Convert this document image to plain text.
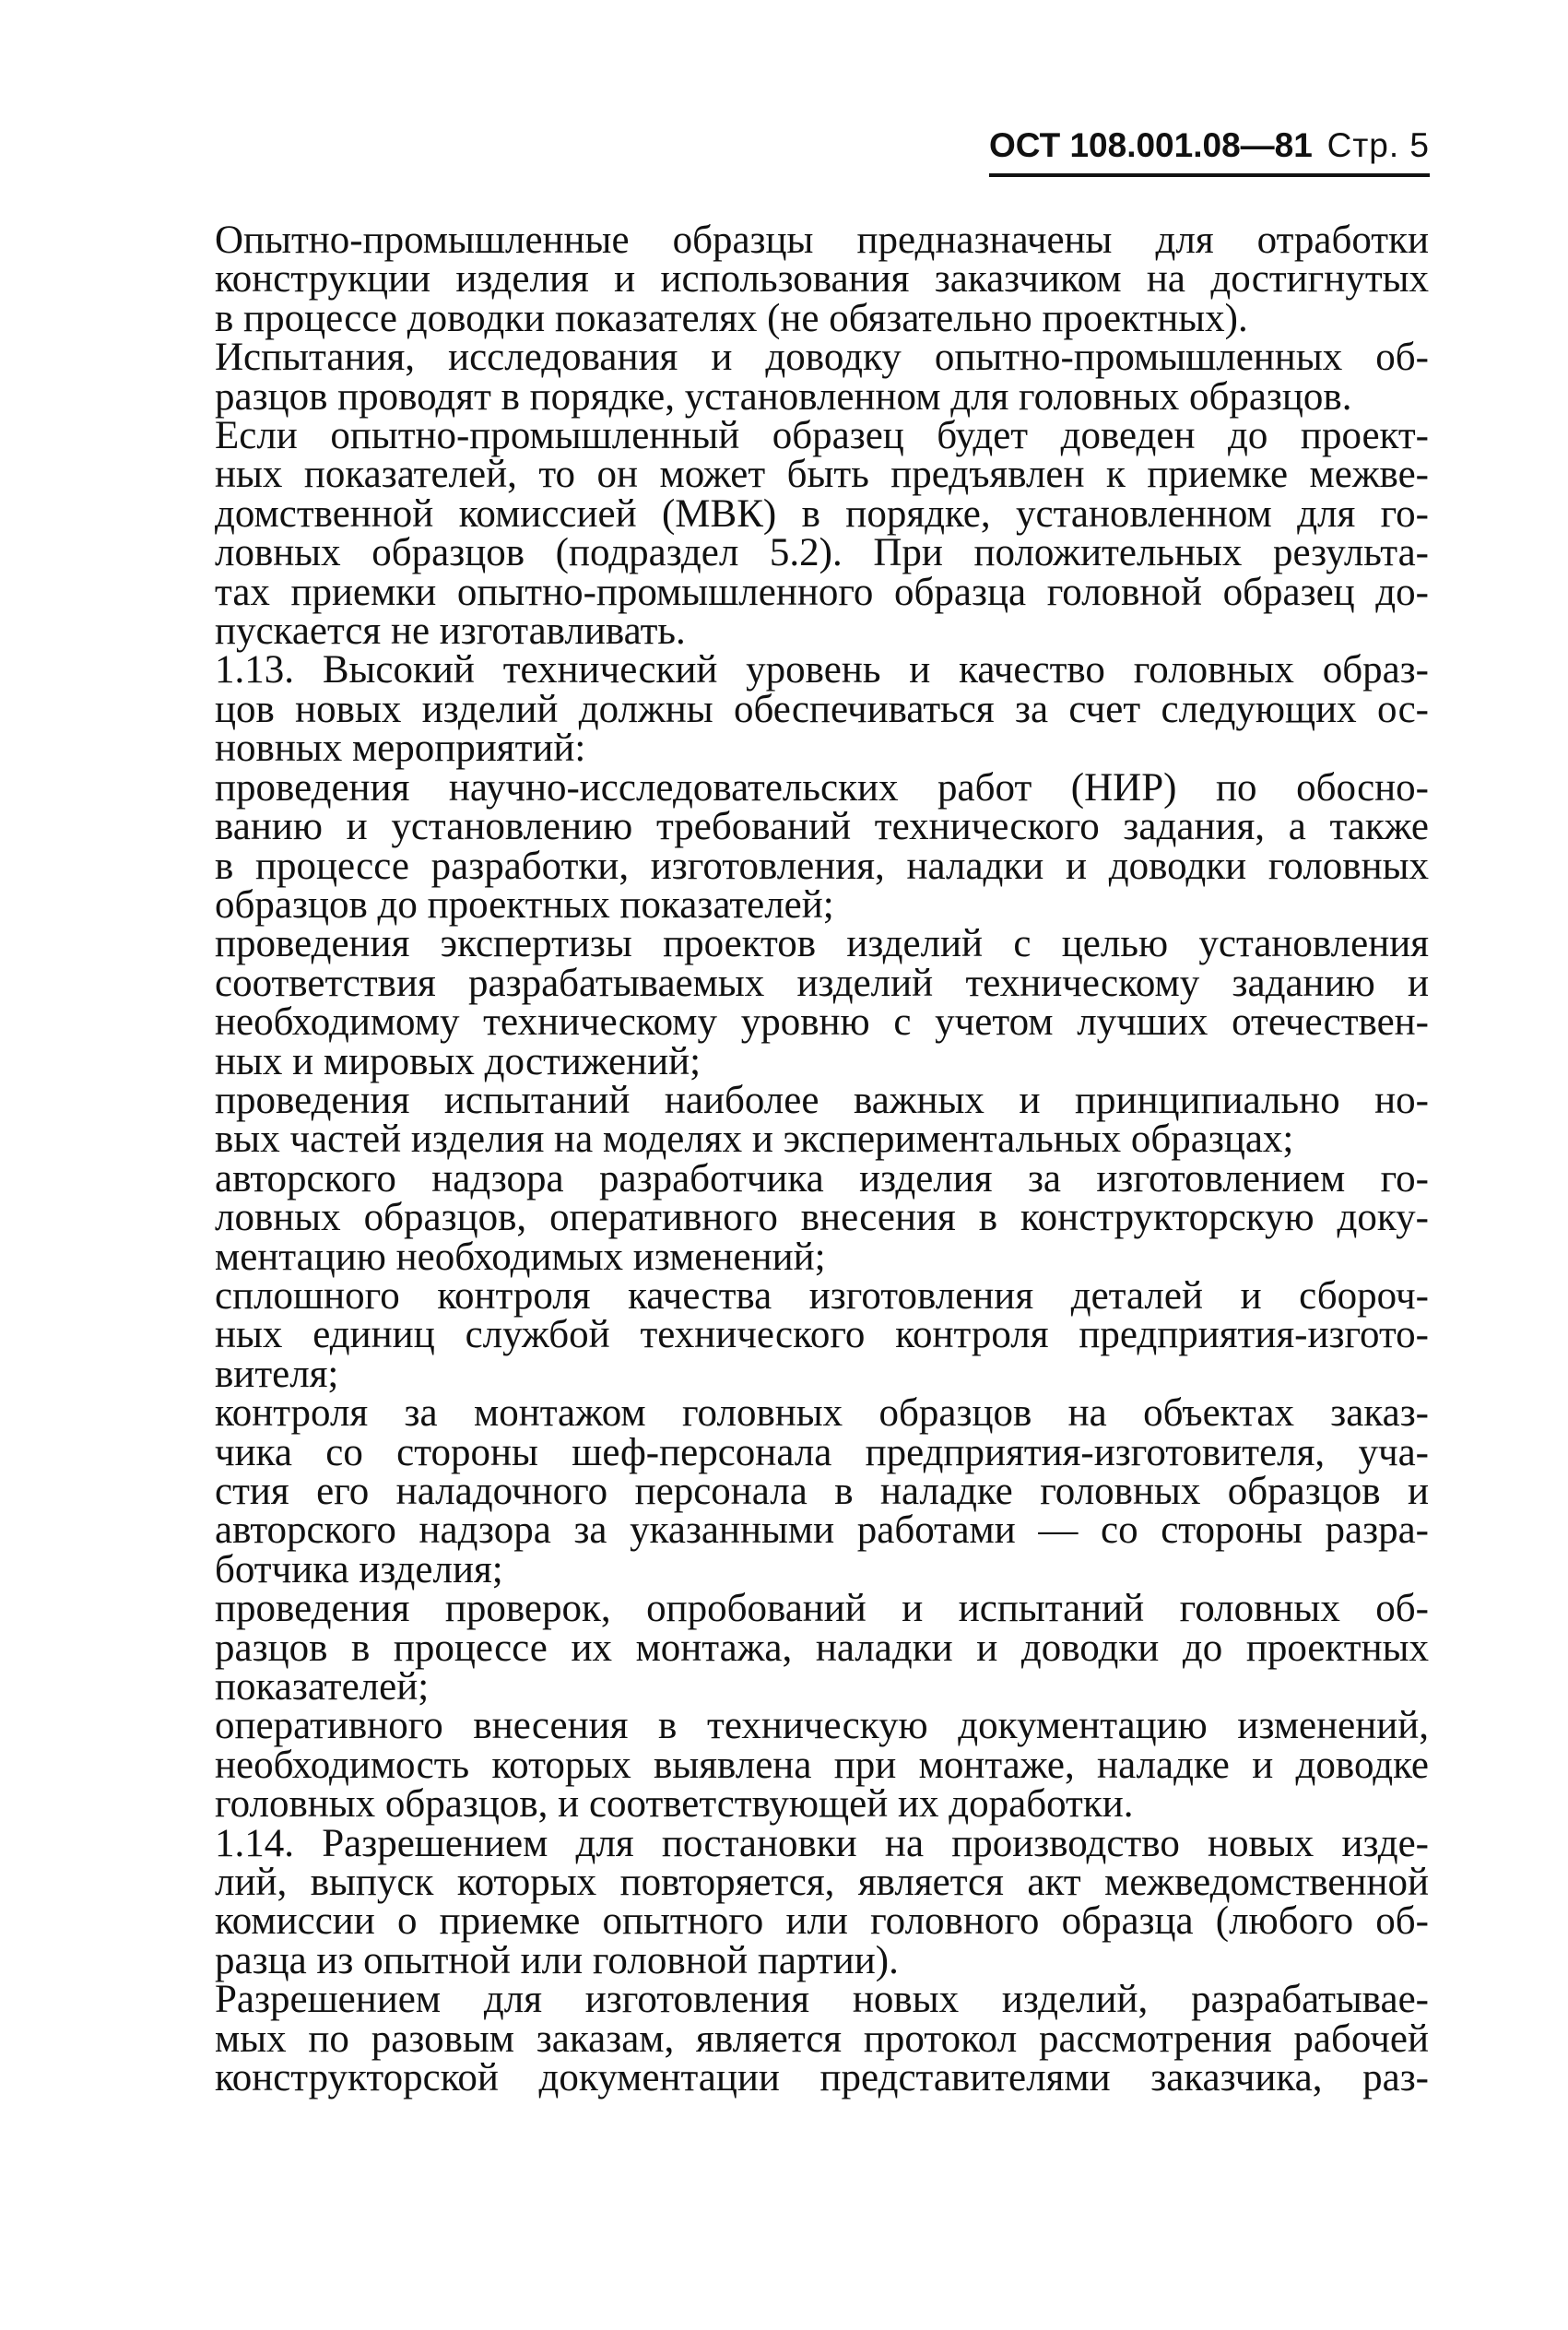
ОСТ 108.001.08—81 Стр. 5

Опытно-промышленные образцы предназначены для отработки
конструкции изделия и использования заказчиком на достигнутых
в процессе доводки показателях (не обязательно проектных).

Испытания, исследования и доводку опытно-промышленных об-
разцов проводят в порядке, установленном для головных образцов.

Если опытно-промышленный образец будет доведен до проект-
ных показателей, то он может быть предъявлен к приемке межве-
домственной комиссией (МВК) в порядке, установленном для го-
ловных образцов (подраздел 5.2). При положительных результа-
тах приемки опытно-промышленного образца головной образец до-
пускается не изготавливать.

1.13. Высокий технический уровень и качество головных образ-
цов новых изделий должны обеспечиваться за счет следующих ос-
новных мероприятий:

проведения научно-исследовательских работ (НИР) по обосно-
ванию и установлению требований технического задания, а также
в процессе разработки, изготовления, наладки и доводки головных
образцов до проектных показателей;

проведения экспертизы проектов изделий с целью установления
соответствия разрабатываемых изделий техническому заданию и
необходимому техническому уровню с учетом лучших отечествен-
ных и мировых достижений;

проведения испытаний наиболее важных и принципиально но-
вых частей изделия на моделях и экспериментальных образцах;

авторского надзора разработчика изделия за изготовлением го-
ловных образцов, оперативного внесения в конструкторскую доку-
ментацию необходимых изменений;

сплошного контроля качества изготовления деталей и сбороч-
ных единиц службой технического контроля предприятия-изгото-
вителя;

контроля за монтажом головных образцов на объектах заказ-
чика со стороны шеф-персонала предприятия-изготовителя, уча-
стия его наладочного персонала в наладке головных образцов и
авторского надзора за указанными работами — со стороны разра-
ботчика изделия;

проведения проверок, опробований и испытаний головных об-
разцов в процессе их монтажа, наладки и доводки до проектных
показателей;

оперативного внесения в техническую документацию изменений,
необходимость которых выявлена при монтаже, наладке и доводке
головных образцов, и соответствующей их доработки.

1.14. Разрешением для постановки на производство новых изде-
лий, выпуск которых повторяется, является акт межведомственной
комиссии о приемке опытного или головного образца (любого об-
разца из опытной или головной партии).

Разрешением для изготовления новых изделий, разрабатывае-
мых по разовым заказам, является протокол рассмотрения рабочей
конструкторской документации представителями заказчика, раз-
